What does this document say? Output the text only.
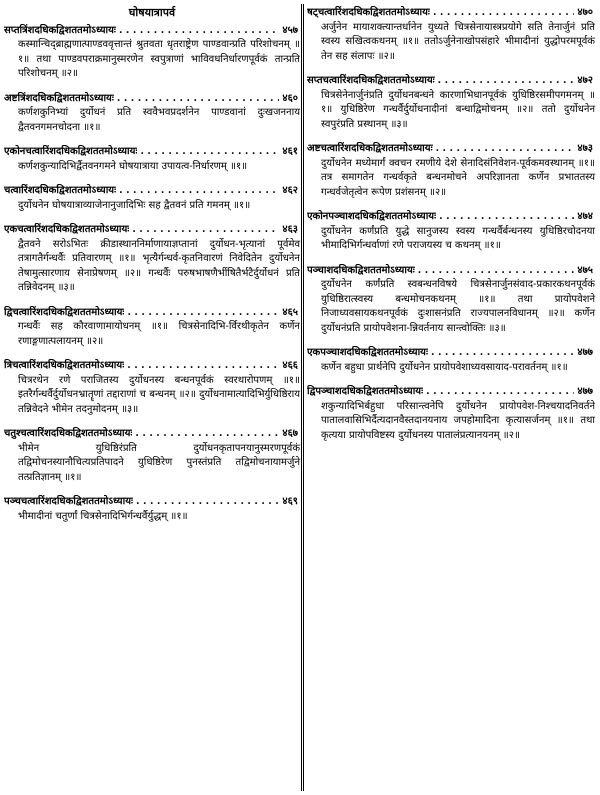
घोषयात्रापर्व
सप्तत्रिंशदधिकद्विशततमोऽध्यायः . . .	४५७

कस्मान्चिद्ब्राह्मणात्पाण्डववृत्तान्तं श्रुतवता धृतराष्ट्रेण पाण्डवान्प्रति परिशोचनम् ॥१॥ तथा पाण्डवपराक्रमानुस्मरणेन स्वपुत्राणां भाविवधनिर्धारणपूर्वकं तान्प्रति परिशोचनम् ॥२॥

अष्टत्रिंशदधिकद्विशततमोऽध्यायः . . .	४६०

कर्णशकुनिभ्यां दुर्योधनं प्रति स्ववैभवप्रदर्शनेन पाण्डवानां दुःखजननाय द्वैतवनगमनचोदना ॥१॥

एकोनचत्वारिंशदधिकद्विशततमोऽध्यायः . . .	४६१

कर्णशकुन्यादिभिर्द्वैतवनगमने घोषयात्राया उपायत्व-निर्धारणम् ॥१॥

चत्वारिंशदधिकद्विशततमोऽध्यायः . . .	४६२

दुर्योधनेन घोषयात्राव्याजेनानुजादिभिः सह द्वैतवनं प्रति गमनम् ॥१॥

एकचत्वारिंशदधिकद्विशततमोऽध्यायः . . .	४६३

द्वैतवने सरोऽभितः क्रीडास्थाननिर्माणायाज्ञप्तानां दुर्योधन-भृत्यानां पूर्वमेव तत्रागतैर्गन्धर्वैः प्रतिवारणम् ॥१॥ भृत्यैर्गन्धर्व-कृतनिवारणं निवेदितेन दुर्योधनेन तेषामुत्सारणाय सेनाप्रेषणम् ॥२॥ गन्धर्वैः परुषभाषणैर्भीषितैर्भटैर्दुर्योधनं प्रति तन्निवेदनम् ॥३॥

द्विचत्वारिंशदधिकद्विशततमोऽध्यायः . . .	४६५

गन्धर्वैः सह कौरवाणामायोधनम् ॥१॥ चित्रसेनादिभि-र्विरथीकृतेन कर्णेन रणाङ्गणात्पलायनम् ॥२॥

त्रिचत्वारिंशदधिकद्विशततमोऽध्यायः . . .	४६६

चित्ररथेन रणे पराजितस्य दुर्योधनस्य बन्धनपूर्वकं स्वरथारोपणम् ॥१॥ इतरैर्गन्धर्वैर्दुर्योधनभ्रातॄणां तद्दाराणां च बन्धनम् ॥२॥ दुर्योधनामात्यादिभिर्युधिष्ठिराय तन्निवेदने भीमेन तदनुमोदनम् ॥३॥

चतुश्चत्वारिंशदधिकद्विशततमोऽध्यायः . . .	४६७

भीमेन युधिष्ठिरंप्रति दुर्योधनकृतापनयानुस्मरणपूर्वकं तद्विमोचनस्यानौचित्यप्रतिपादने युधिष्ठिरेण पुनस्तंप्रति तद्विमोचनायामर्जुने तत्प्रतिज्ञानम् ॥१॥

पञ्चचत्वारिंशदधिकद्विशततमोऽध्यायः . . .	४६९

भीमादीनां चतुर्णां चित्रसेनादिभिर्गन्धर्वैर्युद्धम् ॥१॥

षट्चत्वारिंशदधिकद्विशततमोऽध्यायः . . .	४७०

अर्जुनेन मायाशक्त्यान्तर्धानेन युध्यते चित्रसेनायास्त्रप्रयोगे सति तेनार्जुनं प्रति स्वस्य सखित्वकथनम् ॥१॥ ततोऽर्जुनेनाखोपसंहारे भीमादीनां युद्धोपरमपूर्वकं तेन सह संलापः ॥२॥

सप्तचत्वारिंशदधिकद्विशततमोऽध्यायः . . .	४७२

चित्रसेनेनार्जुनंप्रति दुर्योधनबन्धने कारणाभिधानपूर्वकं युधिष्ठिरसमीपगमनम् ॥१॥ युधिष्ठिरेण गन्धर्वैर्दुर्योधनादीनां बन्धाद्विमोचनम् ॥२॥ ततो दुर्योधनेन स्वपुरंप्रति प्रस्थानम् ॥३॥

अष्टचत्वारिंशदधिकद्विशततमोऽध्यायः . . .	४७३

दुर्योधनेन मध्येमार्गं क्वचन रमणीये देशे सेनादिसंनिवेशन-पूर्वकमवस्थानम् ॥१॥ तत्र समागतेन गन्धर्वकृते बन्धनमोचने अपरिज्ञानता कर्णेन प्रभाततस्य गन्धर्वजेतृत्वेन रूपेण प्रशंसनम् ॥२॥

एकोनपञ्चाशदधिकद्विशततमोऽध्यायः . . .	४७४

दुर्योधनेन कर्णंप्रति युद्धे सानुजस्य स्वस्य गन्धर्वैर्बन्धनस्य युधिष्ठिरचोदनया भीमादिभिर्गन्धर्वाणां रणे पराजयस्य च कथनम् ॥१॥

पञ्चाशदधिकद्विशततमोऽध्यायः . . .	४७५

दुर्योधनेन कर्णंप्रति स्वबन्धनविषये चित्रसेनार्जुनसंवाद-प्रकारकथनपूर्वकं युधिष्ठिरात्स्वस्य बन्धमोचनकथनम् ॥१॥ तथा प्रायोपवेशने निजाध्यवसायकथनपूर्वकं दुःशासनंप्रति राज्यपालनविधानम् ॥२॥ कर्णेन दुर्योधनंप्रति प्रायोपवेशना-न्निवर्तनाय सान्त्वोक्तिः ॥३॥

एकपञ्चाशदधिकद्विशततमोऽध्यायः . . .	४७७

कर्णेन बहुधा प्रार्थनेपि दुर्योधनेन प्रायोपवेशाध्यवसायाद-परावर्तनम् ॥१॥

द्विपञ्चाशदधिकद्विशततमोऽध्यायः . . .	४७७

शकुन्यादिभिर्बहुधा परिसान्त्वनेपि दुर्योधनेन प्रायोपवेश-निश्चयादनिवर्तने पातालवासिभिर्दैत्यदानवैस्तदानयनाय जपहोमादिना कृत्यासर्जनम् ॥१॥ तथा कृत्यया प्रायोपविष्टस्य दुर्योधनस्य पातालंप्रत्यानयनम् ॥२॥
